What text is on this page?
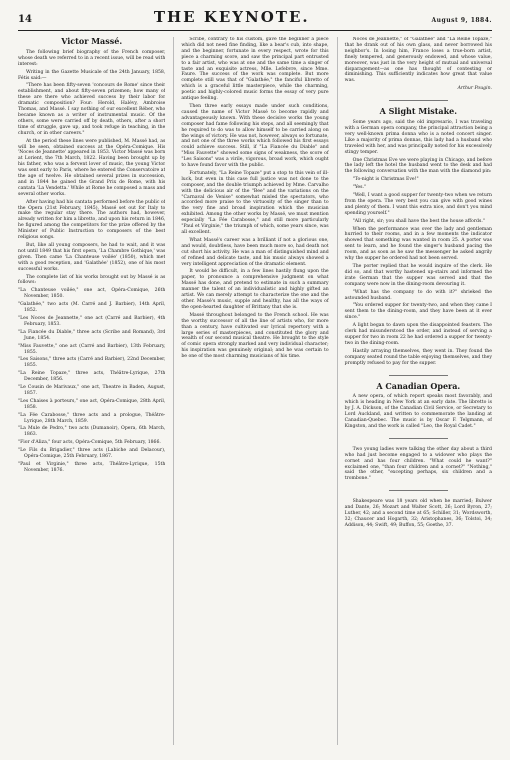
14	THE KEYNOTE.	August 9, 1884.
Victor Massé.

The following brief biography of the French composer, whose death we referred to in a recent issue, will be read with interest:

Writing in the Gazette Musicale of the 24th January, 1858, Fétis said:—

"There has been fifty-seven 'concours de Rome' since their establishment, and about fifty-seven prizemen; how many of these are there who achieved success by their labor for dramatic composition? Four: Herold, Halévy, Ambroise Thomas, and Massé. I say nothing of our excellent Réber, who became known as a writer of instrumental music. Of the others, some were carried off by death, others, after a short time of struggle, gave up, and took refuge in teaching, in the church, or in other careers."

At the period these lines were published, M. Massé had, as will be seen, obtained success at the Opéra-Comique. His 'Noces de Jeannette' appeared in 1853. Victor Massé was born at Lorient, the 7th March, 1822. Having been brought up by his father, who was a fervent lover of music, the young Victor was sent early to Paris, where he entered the Conservatoire at the age of twelve. He obtained several prizes in succession, and in 1844 he gained the Grand Prix de Rome, with his cantata 'La Vendetta.' While at Rome he composed a mass and several other works.

After having had his cantata performed before the public of the Opera (21st February, 1845), Massé set out for Italy to make the regular stay there. The authors had, however, already written for him a libretto, and upon his return in 1846, he figured among the competitors for the prize offered by the Minister of Public Instruction to composers of the best religious songs.

But, like all young composers, he had to wait, and it was not until 1849 that his first opera, 'La Chambre Gothique,' was given. Then came 'La Chanteuse voilée' (1850), which met with a good reception, and 'Galathée' (1852), one of his most successful works.

The complete list of his works brought out by Massé is as follows:

"La Chanteuse voilée," one act, Opéra-Comique, 26th November, 1850.

"Galathée," two acts (M. Carré and J. Barbier), 14th April, 1852.

"Les Noces de Jeannette," one act (Carré and Barbier), 4th February, 1853.

"La Fiancée du Diable," three acts (Scribe and Romand), 3rd June, 1854.

"Miss Fauvette," one act (Carré and Barbier), 13th February, 1855.

"Les Saisons," three acts (Carré and Barbier), 22nd December, 1855.

"La Reine Topaze," three acts, Théâtre-Lyrique, 27th December, 1856.

"Le Cousin de Marivaux," one act, Theatre in Baden, August, 1857.

"Les Chaises à porteurs," one act, Opéra-Comique, 28th April, 1858.

"La Fée Carabosse," three acts and a prologue, Théâtre-Lyrique, 28th March, 1859.

"La Mule de Pedro," two acts (Dumanoir), Opera, 6th March, 1863.

"Fior d'Aliza," four acts, Opéra-Comique, 5th February, 1866.

"Le Fils du Brigadier," three acts (Labiche and Delacour), Opéra-Comique, 25th February, 1867.

"Paul et Virginie," three acts, Théâtre-Lyrique, 15th November, 1876.

Scribe, contrary to his custom, gave the beginner a piece which did not need fine finding, like a bear's cub, into shape, and the beginner, fortunate in every respect, wrote for this piece a charming score, and saw the principal part entrusted to a fair artist, who was at one and the same time a singer of taste and an exquisite actress, Mlle. Lefebvre, since Mme. Faure. The success of the work was complete. But more complete still was that of "Galathée," the fanciful libretto of which is a graceful little masterpiece, while the charming, poetic and highly-colored music forms the essay of very pure antique feeling.

Then three early essays made under such conditions, caused the name of Victor Massé to become rapidly and advantageously known. With these decisive works the young composer had fame following his steps, and all seemingly that he required to do was to allow himself to be carried along on the wings of victory. He was not, however, always so fortunate, and not one of the three works which followed his first essays could achieve success. Still, if "La Fiancée du Diable" and "Miss Fauvette" showed some signs of weakness, the score of "Les Saisons" was a virile, vigorous, broad work, which ought to have found favor with the public.

Fortunately, "La Reine Topaze" put a stop to this vein of ill-luck, but even in this case full justice was not done to the composer, and the double triumph achieved by Mme. Carvalho with the delicious air of the "Bee" and the variations on the "Carnaval de Venise" somewhat misled the spectators, who accorded more praise to the virtuosity of the singer than to the very fine and broad inspiration which the musician exhibited. Among the other works by Massé, we must mention especially "La Fée Carabosse," and still more particularly "Paul et Virginie," the triumph of which, some years since, was all excellent.

What Massé's career was a brilliant if not a glorious one, and would, doubtless, have been much more so, had death not cut short his activity. He was a man of distinguished mind and of refined and delicate taste, and his music always showed a very intelligent appreciation of the dramatic element.

It would be difficult, in a few lines hastily flung upon the paper, to pronounce a comprehensive judgment on what Massé has done, and pretend to estimate in such a summary manner the talent of an individualistic and highly gifted an artist. We can merely attempt to characterize the one and the other. Massé's music, supple and healthy, has all the ways of the open-hearted daughter of Brittany that she is.

Massé throughout belonged to the French school. He was the worthy successor of all the line of artists who, for more than a century, have cultivated our lyrical repertory with a large series of masterpieces, and constituted the glory and wealth of our second musical theatre. He brought to the style of comic opera strongly marked and very individual character; his inspiration was genuinely original; and he was certain to be one of the most charming musicians of his time.

Noces de Jeannette," of "Galathée" and "La Reine Topaze," that he drank out of his own glass, and never borrowed his neighbor's. In losing him, France loses a true-born artist, finely tempered, and generously endowed, and whose value, moreover, was just in the very height of mutual and universal disparagement—as one has thought of contesting or diminishing. This sufficiently indicates how great that value was.

Arthur Pougin.

A Slight Mistake.

Some years ago, said the old impresario, I was traveling with a German opera company, the principal attraction being a very well-known prima donna who is a noted concert singer. Like a majority of prima donnas, this lady had a husband who traveled with her, and was principally noted for his excessively stingy temper.

One Christmas Eve we were playing in Chicago, and before the lady left the hotel the husband went to the desk and had the following conversation with the man with the diamond pin:

"To-night is Christmas Eve!"

"Yes."

"Well, I want a good supper for twenty-two when we return from the opera. The very best you can give with good wines and plenty of them. I want this extra nice, and don't you mind spending yourself."

"All right, sir; you shall have the best the house affords."

When the performance was over the lady and gentleman hurried to their rooms, and in a few moments the indicator showed that something was wanted in room 25. A porter was sent to learn, and he found the singer's husband pacing the room, and as soon as he saw the messenger he asked angrily why the supper he ordered had not been served.

The porter replied that he would inquire of the clerk. He did so, and that worthy hastened up-stairs and informed the irate German that the supper was served and that the company were now in the dining-room devouring it.

"What has the company to do with it?" shrieked the astounded husband.

"You ordered supper for twenty-two, and when they came I sent them to the dining-room, and they have been at it ever since."

A light began to dawn upon the disappointed feasters. The clerk had misunderstood the order, and instead of serving a supper for two in room 22 he had ordered a supper for twenty-two in the dining-room.

Hastily arraying themselves, they went in. They found the company seated round the table enjoying themselves, and they promptly refused to pay for the supper.

A Canadian Opera.

A new opera, of which report speaks most favorably, and which is heading in New York at an early date. The libretto is by J. A. Dickson, of the Canadian Civil Service, or Secretary to Lord Auckland, and written to commemorate the landing at Canadian-Quebec. The music is by Oscar F. Telgmann, of Kingston, and the work is called "Leo, the Royal Cadet."

Two young ladies were talking the other day about a third who had just become engaged to a widower who plays the cornet and has four children. "What could he want?" exclaimed one, "than four children and a cornet?" "Nothing," said the other, "excepting perhaps, six children and a trombone."

Shakespeare was 18 years old when he married; Bulwer and Dante, 26; Mozart and Walter Scott, 26; Lord Byron, 27; Luther, 42; and a second time at 65; Schiller, 31; Wordsworth, 32; Chaucer and Hogarth, 32; Aristophanes, 36; Tolstoi, 34; Addison, 44; Swift, 49; Buffon, 55; Goethe, 37.
